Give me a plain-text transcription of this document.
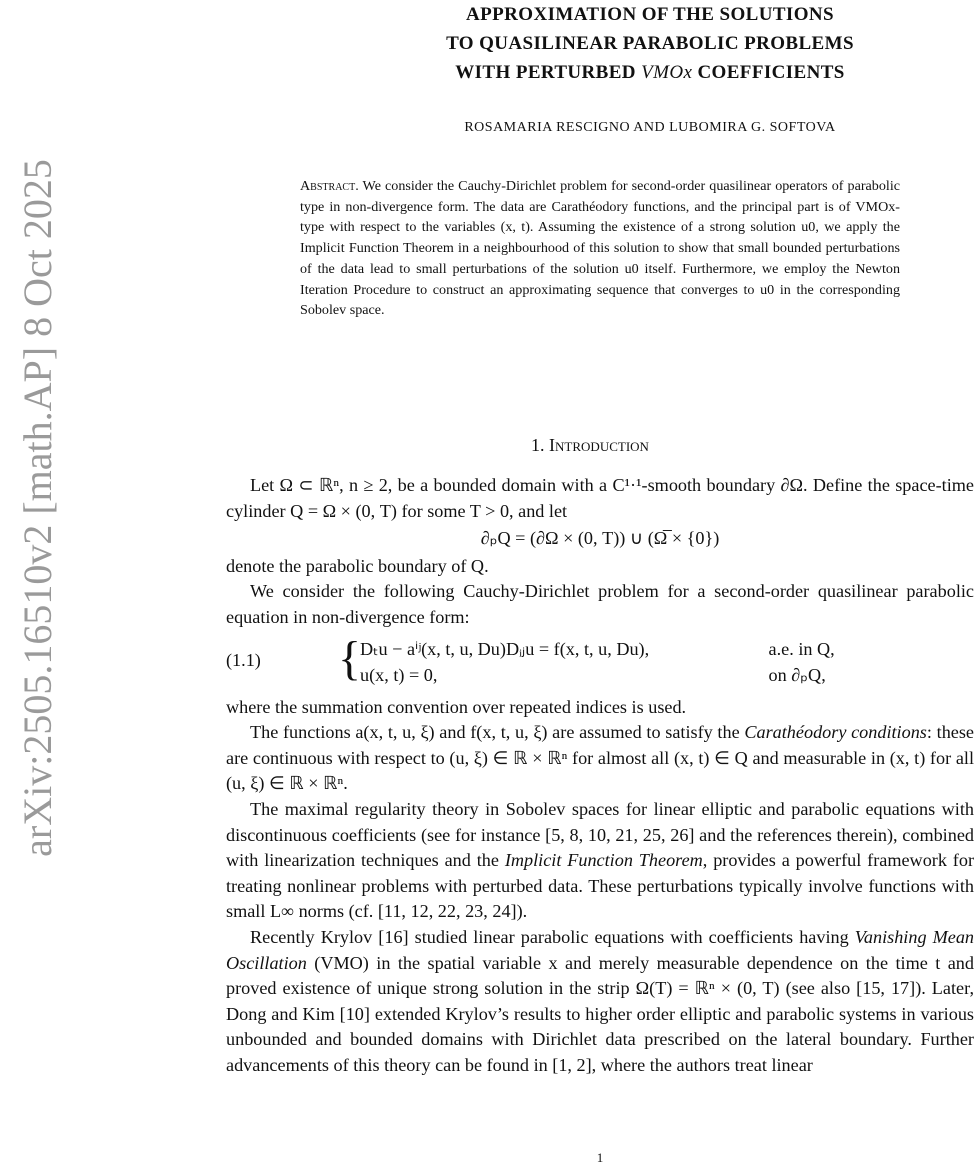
arXiv:2505.16510v2 [math.AP] 8 Oct 2025
APPROXIMATION OF THE SOLUTIONS
TO QUASILINEAR PARABOLIC PROBLEMS
WITH PERTURBED VMOx COEFFICIENTS
ROSAMARIA RESCIGNO AND LUBOMIRA G. SOFTOVA
Abstract. We consider the Cauchy-Dirichlet problem for second-order quasilinear operators of parabolic type in non-divergence form. The data are Carathéodory functions, and the principal part is of VMOx-type with respect to the variables (x, t). Assuming the existence of a strong solution u0, we apply the Implicit Function Theorem in a neighbourhood of this solution to show that small bounded perturbations of the data lead to small perturbations of the solution u0 itself. Furthermore, we employ the Newton Iteration Procedure to construct an approximating sequence that converges to u0 in the corresponding Sobolev space.
1. Introduction

Let Ω ⊂ ℝⁿ, n ≥ 2, be a bounded domain with a C¹·¹-smooth boundary ∂Ω. Define the space-time cylinder Q = Ω × (0, T) for some T > 0, and let

∂ₚQ = (∂Ω × (0, T)) ∪ (Ω̅ × {0})

denote the parabolic boundary of Q.

We consider the following Cauchy-Dirichlet problem for a second-order quasilinear parabolic equation in non-divergence form:

(1.1) {
Dₜu − aⁱʲ(x, t, u, Du)Dᵢⱼu = f(x, t, u, Du),	a.e. in Q,
u(x, t) = 0,	on ∂ₚQ,

where the summation convention over repeated indices is used.

The functions a(x, t, u, ξ) and f(x, t, u, ξ) are assumed to satisfy the Carathéodory conditions: these are continuous with respect to (u, ξ) ∈ ℝ × ℝⁿ for almost all (x, t) ∈ Q and measurable in (x, t) for all (u, ξ) ∈ ℝ × ℝⁿ.

The maximal regularity theory in Sobolev spaces for linear elliptic and parabolic equations with discontinuous coefficients (see for instance [5, 8, 10, 21, 25, 26] and the references therein), combined with linearization techniques and the Implicit Function Theorem, provides a powerful framework for treating nonlinear problems with perturbed data. These perturbations typically involve functions with small L∞ norms (cf. [11, 12, 22, 23, 24]).

Recently Krylov [16] studied linear parabolic equations with coefficients having Vanishing Mean Oscillation (VMO) in the spatial variable x and merely measurable dependence on the time t and proved existence of unique strong solution in the strip Ω(T) = ℝⁿ × (0, T) (see also [15, 17]). Later, Dong and Kim [10] extended Krylov’s results to higher order elliptic and parabolic systems in various unbounded and bounded domains with Dirichlet data prescribed on the lateral boundary. Further advancements of this theory can be found in [1, 2], where the authors treat linear

1
